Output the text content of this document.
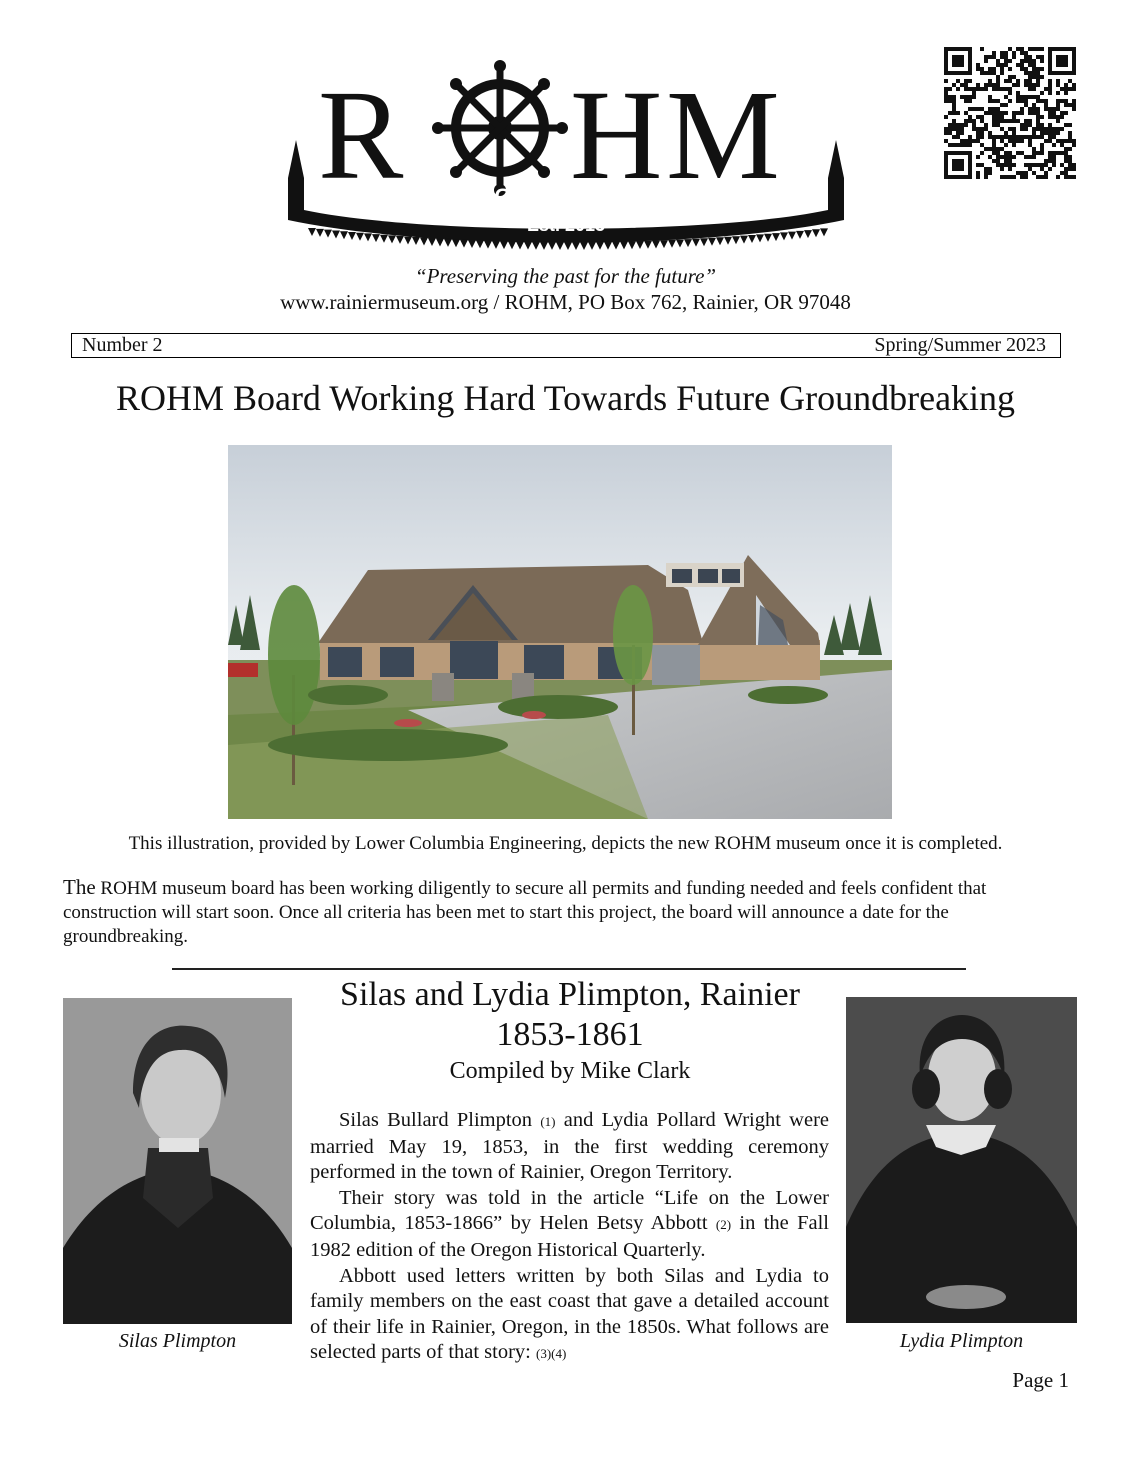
R H M
RAINIER OREGON HISTORICAL MUSEUM
Est. 2015
“Preserving the past for the future”
www.rainiermuseum.org / ROHM, PO Box 762, Rainier, OR 97048
Number 2	Spring/Summer 2023
ROHM Board Working Hard Towards Future Groundbreaking
This illustration, provided by Lower Columbia Engineering, depicts the new ROHM museum once it is completed.

The ROHM museum board has been working diligently to secure all permits and funding needed and feels confident that construction will start soon. Once all criteria has been met to start this project, the board will announce a date for the groundbreaking.

Silas Plimpton	Lydia Plimpton
Silas and Lydia Plimpton, Rainier
1853-1861
Compiled by Mike Clark

Silas Bullard Plimpton (1) and Lydia Pollard Wright were married May 19, 1853, in the first wedding ceremony performed in the town of Rainier, Oregon Territory.

Their story was told in the article “Life on the Lower Columbia, 1853-1866” by Helen Betsy Abbott (2) in the Fall 1982 edition of the Oregon Historical Quarterly.

Abbott used letters written by both Silas and Lydia to family members on the east coast that gave a detailed account of their life in Rainier, Oregon, in the 1850s. What follows are selected parts of that story: (3)(4)

Page 1
